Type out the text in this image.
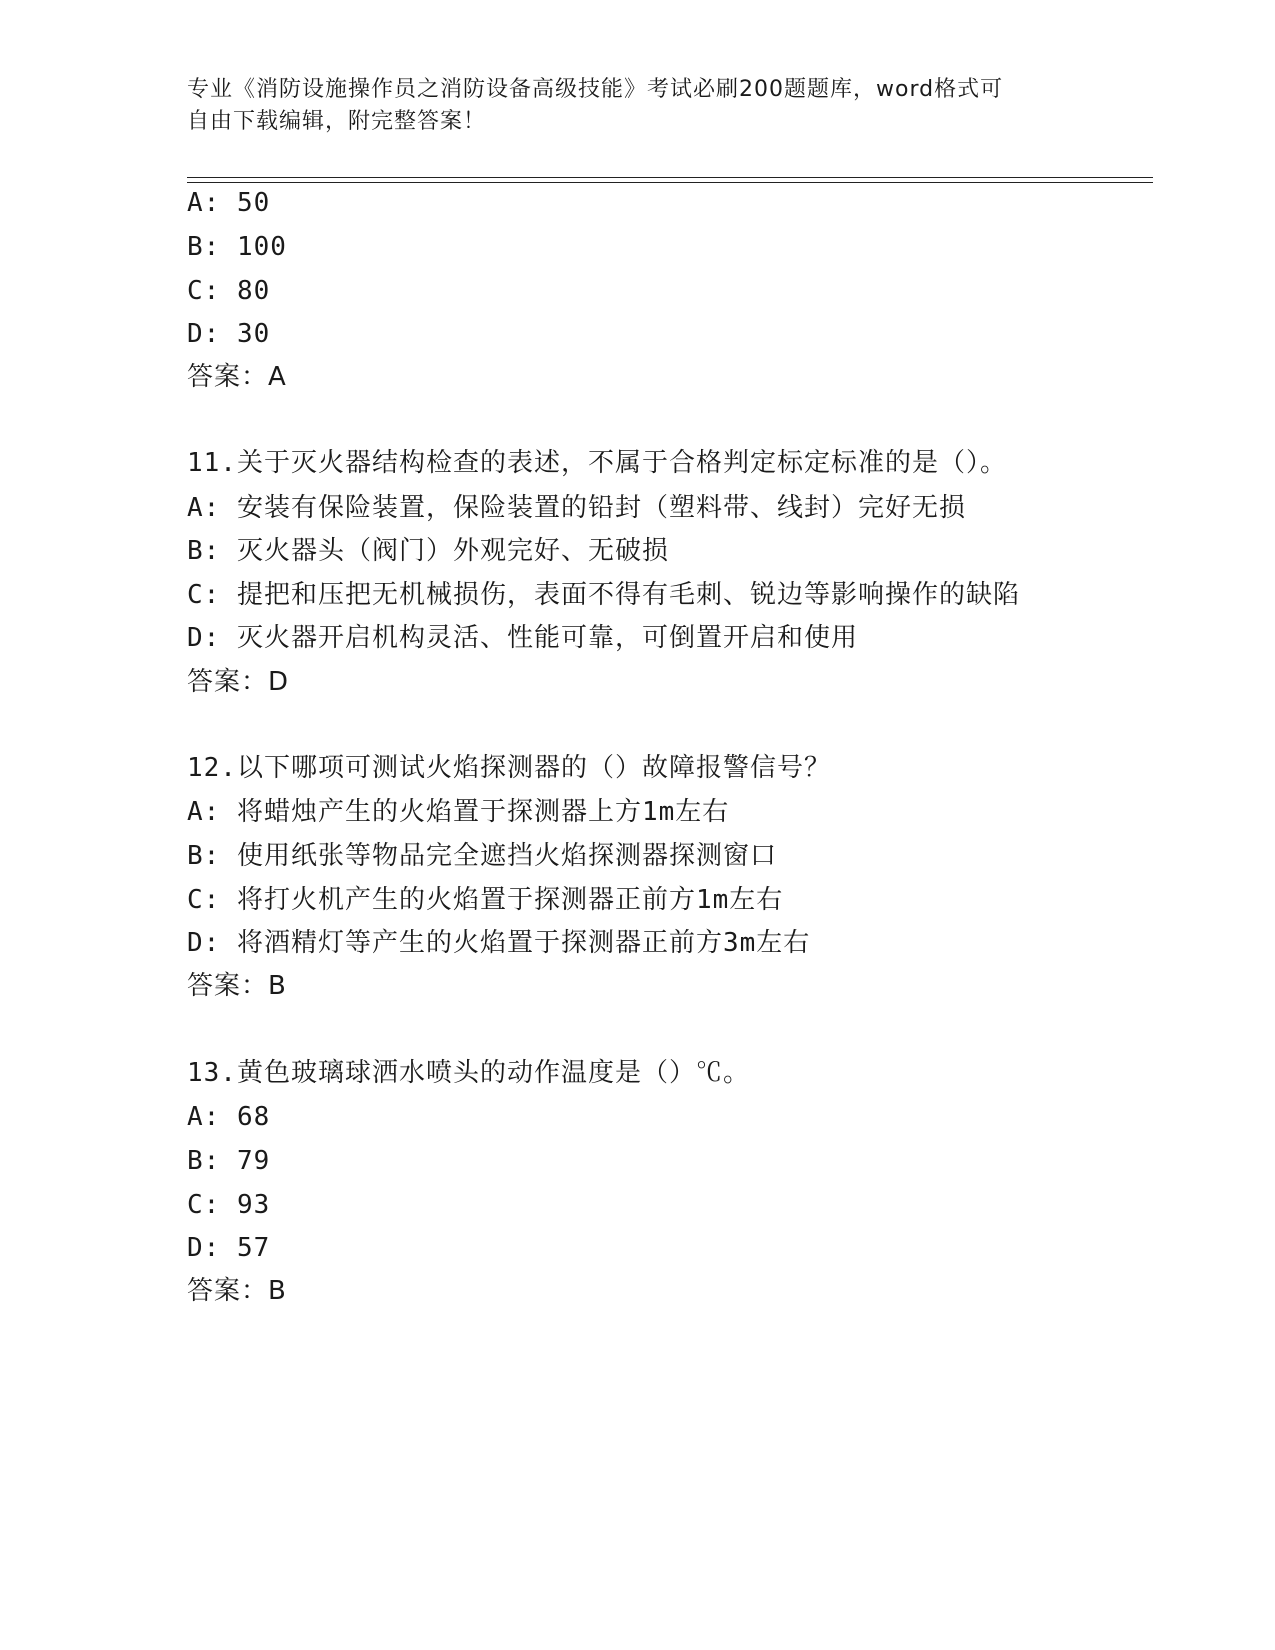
专业《消防设施操作员之消防设备高级技能》考试必刷200题题库，word格式可
自由下载编辑，附完整答案！

A: 50

B: 100

C: 80

D: 30

答案：A

11.关于灭火器结构检查的表述，不属于合格判定标定标准的是（）。

A: 安装有保险装置，保险装置的铅封（塑料带、线封）完好无损

B: 灭火器头（阀门）外观完好、无破损

C: 提把和压把无机械损伤，表面不得有毛刺、锐边等影响操作的缺陷

D: 灭火器开启机构灵活、性能可靠，可倒置开启和使用

答案：D

12.以下哪项可测试火焰探测器的（）故障报警信号？

A: 将蜡烛产生的火焰置于探测器上方1m左右

B: 使用纸张等物品完全遮挡火焰探测器探测窗口

C: 将打火机产生的火焰置于探测器正前方1m左右

D: 将酒精灯等产生的火焰置于探测器正前方3m左右

答案：B

13.黄色玻璃球洒水喷头的动作温度是（）℃。

A: 68

B: 79

C: 93

D: 57

答案：B
